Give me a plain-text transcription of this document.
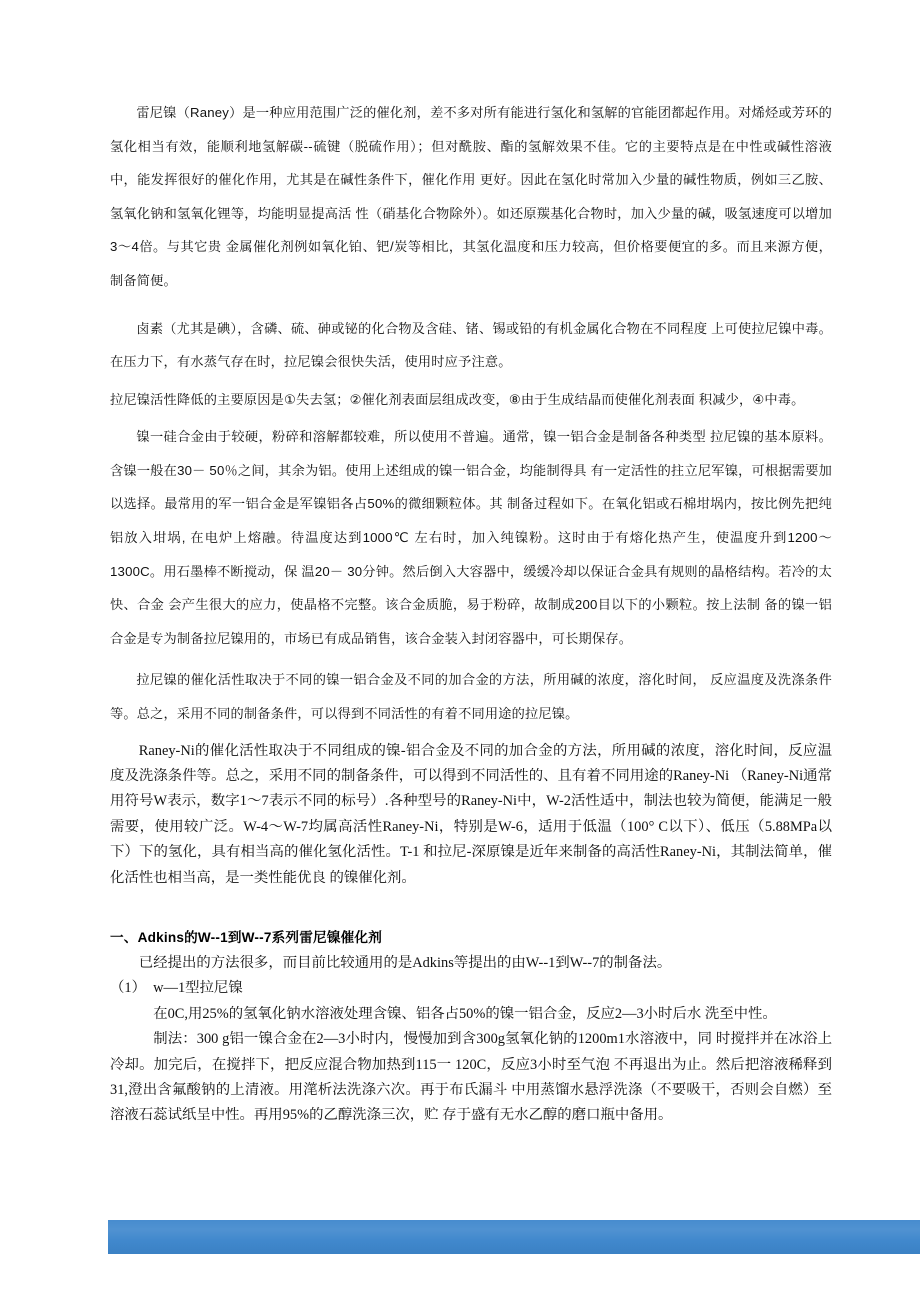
雷尼镍（Raney）是一种应用范围广泛的催化剂，差不多对所有能进行氢化和氢解的官能团都起作用。对烯烃或芳环的氢化相当有效，能顺利地氢解碳--硫键（脱硫作用）；但对酰胺、酯的氢解效果不佳。它的主要特点是在中性或碱性溶液中，能发挥很好的催化作用，尤其是在碱性条件下，催化作用 更好。因此在氢化时常加入少量的碱性物质，例如三乙胺、氢氧化钠和氢氧化锂等，均能明显提高活 性（硝基化合物除外）。如还原羰基化合物时，加入少量的碱，吸氢速度可以增加3～4倍。与其它贵 金属催化剂例如氧化铂、钯/炭等相比，其氢化温度和压力较高，但价格要便宜的多。而且来源方便， 制备简便。

卤素（尤其是碘），含磷、硫、砷或铋的化合物及含硅、锗、锡或铅的有机金属化合物在不同程度 上可使拉尼镍中毒。在压力下，有水蒸气存在时，拉尼镍会很快失活，使用时应予注意。

拉尼镍活性降低的主要原因是①失去氢；②催化剂表面层组成改变，⑧由于生成结晶而使催化剂表面 积减少，④中毒。

镍一硅合金由于较硬，粉碎和溶解都较难，所以使用不普遍。通常，镍一铝合金是制备各种类型 拉尼镍的基本原料。含镍一般在30－ 50％之间，其余为铝。使用上述组成的镍一铝合金，均能制得具 有一定活性的拄立尼军镍，可根据需要加以选择。最常用的军一铝合金是军镍铝各占50%的微细颗粒体。其 制备过程如下。在氧化铝或石棉坩埚内，按比例先把纯铝放入坩埚, 在电炉上熔融。待温度达到1000℃ 左右时，加入纯镍粉。这时由于有熔化热产生，使温度升到1200～1300C。用石墨棒不断搅动，保 温20－ 30分钟。然后倒入大容器中，缓缓冷却以保证合金具有规则的晶格结构。若冷的太快、合金 会产生很大的应力，使晶格不完整。该合金质脆，易于粉碎，故制成200目以下的小颗粒。按上法制 备的镍一铝合金是专为制备拉尼镍用的，市场已有成品销售，该合金装入封闭容器中，可长期保存。

拉尼镍的催化活性取决于不同的镍一铝合金及不同的加合金的方法，所用碱的浓度，溶化时间， 反应温度及洗涤条件等。总之，采用不同的制备条件，可以得到不同活性的有着不同用途的拉尼镍。

Raney-Ni的催化活性取决于不同组成的镍-铝合金及不同的加合金的方法，所用碱的浓度，溶化时间，反应温度及洗涤条件等。总之，采用不同的制备条件，可以得到不同活性的、且有着不同用途的Raney-Ni （Raney-Ni通常用符号W表示，数字1～7表示不同的标号）.各种型号的Raney-Ni中，W-2活性适中，制法也较为简便，能满足一般需要，使用较广泛。W-4～W-7均属高活性Raney-Ni，特别是W-6，适用于低温（100° C以下）、低压（5.88MPa以下）下的氢化，具有相当高的催化氢化活性。T-1 和拉尼-深原镍是近年来制备的高活性Raney-Ni，其制法简单，催化活性也相当高，是一类性能优良 的镍催化剂。

一、Adkins的W--1到W--7系列雷尼镍催化剂

已经提出的方法很多，而目前比较通用的是Adkins等提出的由W--1到W--7的制备法。

（1）　w—1型拉尼镍

在0C,用25%的氢氧化钠水溶液处理含镍、铝各占50%的镍一铝合金，反应2—3小时后水 洗至中性。

制法：300 g铝一镍合金在2—3小时内，慢慢加到含300g氢氧化钠的1200m1水溶液中，同 时搅拌并在冰浴上冷却。加完后，在搅拌下，把反应混合物加热到115一 120C，反应3小时至气泡 不再退出为止。然后把溶液稀释到31,澄出含氟酸钠的上清液。用滗析法洗涤六次。再于布氏漏斗 中用蒸馏水悬浮洗涤（不要吸干，否则会自燃）至溶液石蕊试纸呈中性。再用95%的乙醇洗涤三次，贮 存于盛有无水乙醇的磨口瓶中备用。
